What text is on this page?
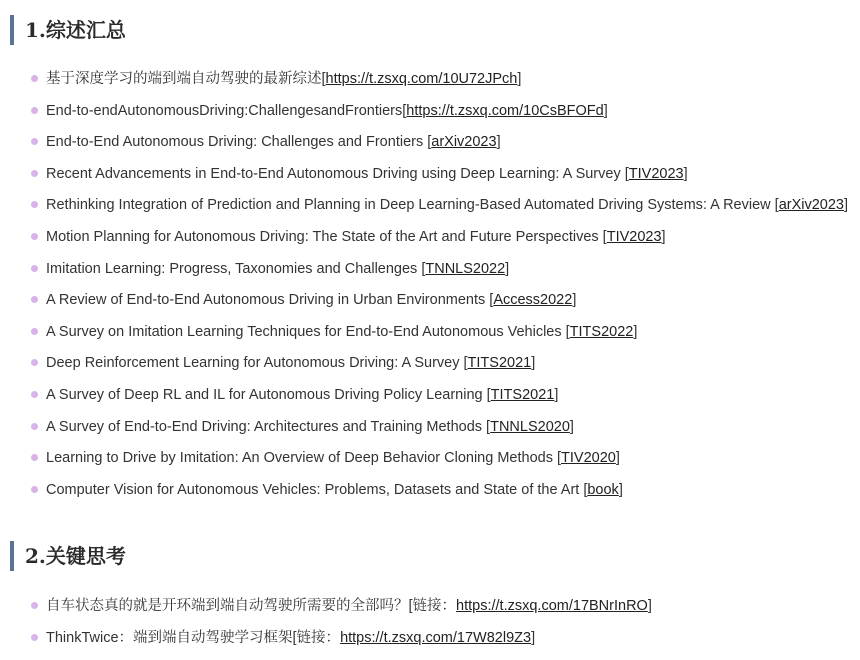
1.综述汇总
基于深度学习的端到端自动驾驶的最新综述[https://t.zsxq.com/10U72JPch]
End-to-endAutonomousDriving:ChallengesandFrontiers[https://t.zsxq.com/10CsBFOFd]
End-to-End Autonomous Driving: Challenges and Frontiers [arXiv2023]
Recent Advancements in End-to-End Autonomous Driving using Deep Learning: A Survey [TIV2023]
Rethinking Integration of Prediction and Planning in Deep Learning-Based Automated Driving Systems: A Review [arXiv2023]
Motion Planning for Autonomous Driving: The State of the Art and Future Perspectives [TIV2023]
Imitation Learning: Progress, Taxonomies and Challenges [TNNLS2022]
A Review of End-to-End Autonomous Driving in Urban Environments [Access2022]
A Survey on Imitation Learning Techniques for End-to-End Autonomous Vehicles [TITS2022]
Deep Reinforcement Learning for Autonomous Driving: A Survey [TITS2021]
A Survey of Deep RL and IL for Autonomous Driving Policy Learning [TITS2021]
A Survey of End-to-End Driving: Architectures and Training Methods [TNNLS2020]
Learning to Drive by Imitation: An Overview of Deep Behavior Cloning Methods [TIV2020]
Computer Vision for Autonomous Vehicles: Problems, Datasets and State of the Art [book]
2.关键思考
自车状态真的就是开环端到端自动驾驶所需要的全部吗？[链接：https://t.zsxq.com/17BNrInRO]
ThinkTwice：端到端自动驾驶学习框架[链接：https://t.zsxq.com/17W82l9Z3]
